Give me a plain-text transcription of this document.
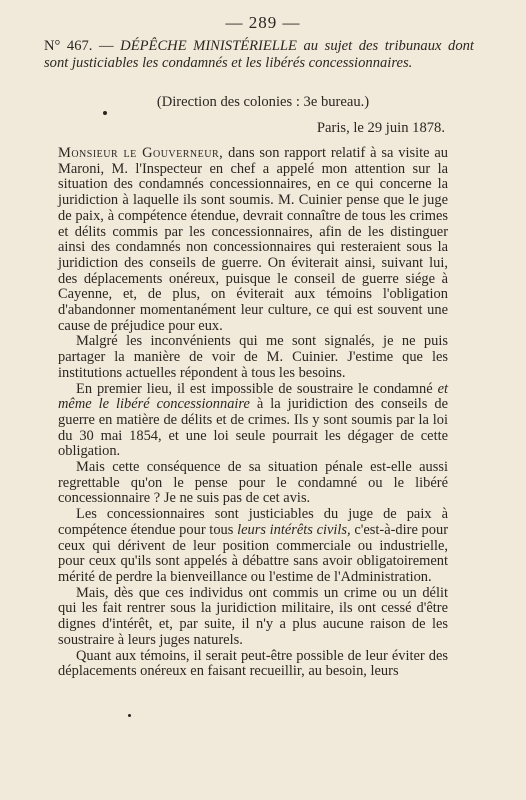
— 289 —
N° 467. — DÉPÊCHE MINISTÉRIELLE au sujet des tribunaux dont sont justiciables les condamnés et les libérés concessionnaires.
(Direction des colonies : 3e bureau.)
Paris, le 29 juin 1878.

Monsieur le Gouverneur, dans son rapport relatif à sa visite au Maroni, M. l'Inspecteur en chef a appelé mon attention sur la situation des condamnés concessionnaires, en ce qui concerne la juridiction à laquelle ils sont soumis. M. Cuinier pense que le juge de paix, à compétence étendue, devrait connaître de tous les crimes et délits commis par les concessionnaires, afin de les distinguer ainsi des condamnés non concessionnaires qui resteraient sous la juridiction des conseils de guerre. On éviterait ainsi, suivant lui, des déplacements onéreux, puisque le conseil de guerre siége à Cayenne, et, de plus, on éviterait aux témoins l'obligation d'abandonner momentanément leur culture, ce qui est souvent une cause de préjudice pour eux.

Malgré les inconvénients qui me sont signalés, je ne puis partager la manière de voir de M. Cuinier. J'estime que les institutions actuelles répondent à tous les besoins.

En premier lieu, il est impossible de soustraire le condamné et même le libéré concessionnaire à la juridiction des conseils de guerre en matière de délits et de crimes. Ils y sont soumis par la loi du 30 mai 1854, et une loi seule pourrait les dégager de cette obligation.

Mais cette conséquence de sa situation pénale est-elle aussi regrettable qu'on le pense pour le condamné ou le libéré concessionnaire ? Je ne suis pas de cet avis.

Les concessionnaires sont justiciables du juge de paix à compétence étendue pour tous leurs intérêts civils, c'est-à-dire pour ceux qui dérivent de leur position commerciale ou industrielle, pour ceux qu'ils sont appelés à débattre sans avoir obligatoirement mérité de perdre la bienveillance ou l'estime de l'Administration.

Mais, dès que ces individus ont commis un crime ou un délit qui les fait rentrer sous la juridiction militaire, ils ont cessé d'être dignes d'intérêt, et, par suite, il n'y a plus aucune raison de les soustraire à leurs juges naturels.

Quant aux témoins, il serait peut-être possible de leur éviter des déplacements onéreux en faisant recueillir, au besoin, leurs
